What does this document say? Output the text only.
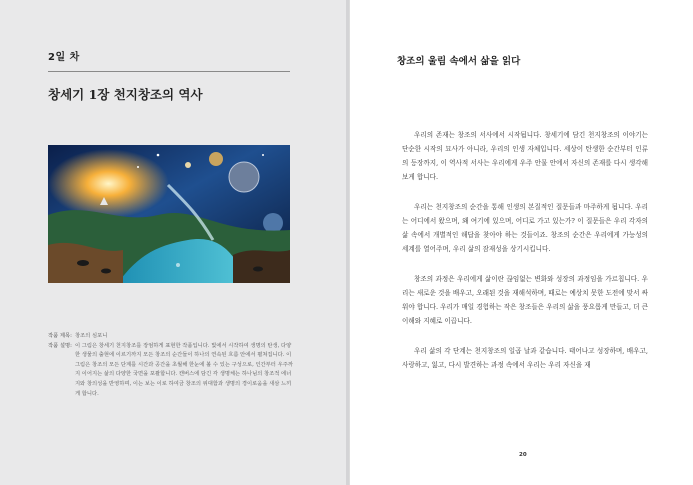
2일 차
창세기 1장 천지창조의 역사
작품 제목: 창조의 심포니
작품 설명: 이 그림은 창세기 천지창조를 장엄하게 표현한 작품입니다. 빛에서 시작하여 생명의 탄생, 다양한 생물의 출현에 이르기까지 모든 창조의 순간들이 하나의 연속된 흐름 안에서 펼쳐집니다. 이 그림은 창조의 모든 단계를 시간과 공간을 초월해 한눈에 볼 수 있는 구성으로, 인간부터 우주까지 이어지는 삶의 다양한 국면을 포괄합니다. 캔버스에 담긴 각 생명체는 하나님의 창조적 에너지와 창의성을 반영하며, 이는 보는 이로 하여금 창조의 위대함과 생명의 경이로움을 새삼 느끼게 합니다.
창조의 울림 속에서 삶을 읽다

우리의 존재는 창조의 서사에서 시작됩니다. 창세기에 담긴 천지창조의 이야기는 단순한 시작의 묘사가 아니라, 우리의 인생 자체입니다. 세상이 탄생한 순간부터 인류의 등장까지, 이 역사적 서사는 우리에게 우주 안물 안에서 자신의 존재를 다시 생각해보게 합니다.

우리는 천지창조의 순간을 통해 인생의 본질적인 질문들과 마주하게 됩니다. 우리는 어디에서 왔으며, 왜 여기에 있으며, 어디로 가고 있는가? 이 질문들은 우리 각자의 삶 속에서 개별적인 해답을 찾아야 하는 것들이죠. 창조의 순간은 우리에게 가능성의 세계를 열어주며, 우리 삶의 잠재성을 상기시킵니다.

창조의 과정은 우리에게 삶이란 끊임없는 변화와 성장의 과정임을 가르칩니다. 우리는 새로운 것을 배우고, 오래된 것을 재해석하며, 때로는 예상치 못한 도전에 맞서 싸워야 합니다. 우리가 매일 경험하는 작은 창조들은 우리의 삶을 풍요롭게 만들고, 더 큰 이해와 지혜로 이끕니다.

우리 삶의 각 단계는 천지창조의 일곱 날과 같습니다. 태어나고 성장하며, 배우고, 사랑하고, 잃고, 다시 발견하는 과정 속에서 우리는 우리 자신을 재

20
